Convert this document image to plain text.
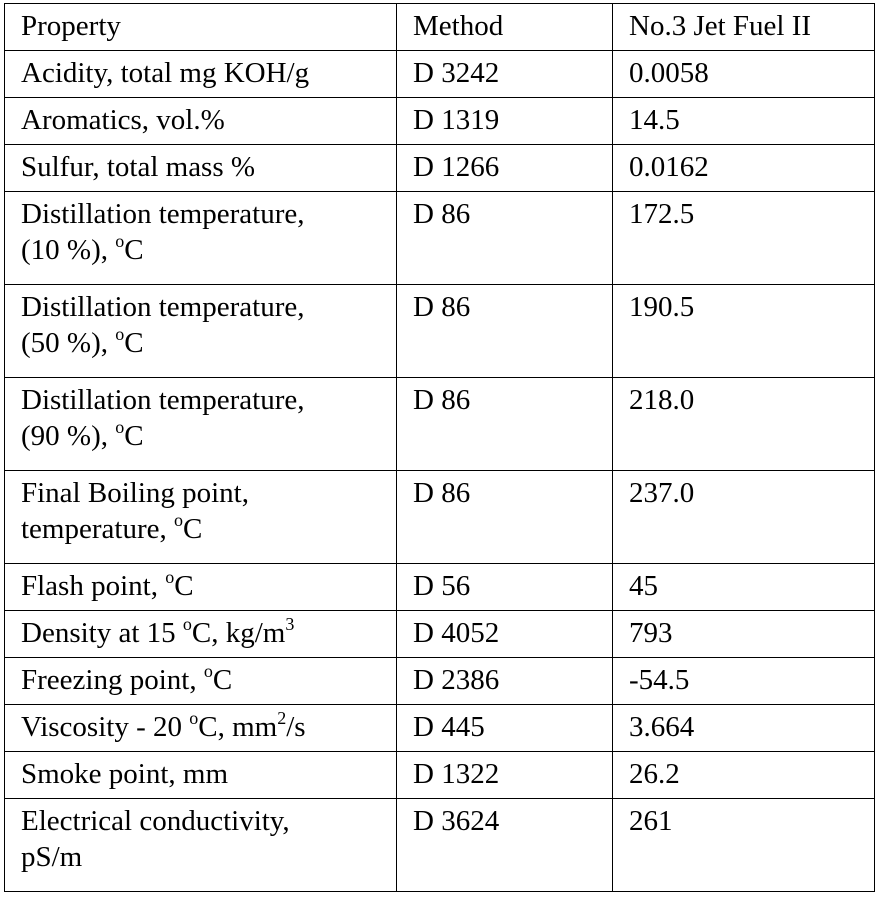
Property	Method	No.3 Jet Fuel II
Acidity, total mg KOH/g	D 3242	0.0058
Aromatics, vol.%	D 1319	14.5
Sulfur, total mass %	D 1266	0.0162
Distillation temperature,
(10 %), $^o$C	D 86	172.5
Distillation temperature,
(50 %), $^o$C	D 86	190.5
Distillation temperature,
(90 %), $^o$C	D 86	218.0
Final Boiling point,
temperature, $^o$C	D 86	237.0
Flash point, $^o$C	D 56	45
Density at 15 $^o$C, $kg/m^3$	D 4052	793
Freezing point, $^o$C	D 2386	-54.5
Viscosity - 20 $^o$C, $mm^2/s$	D 445	3.664
Smoke point, mm	D 1322	26.2
Electrical conductivity,
pS/m	D 3624	261
